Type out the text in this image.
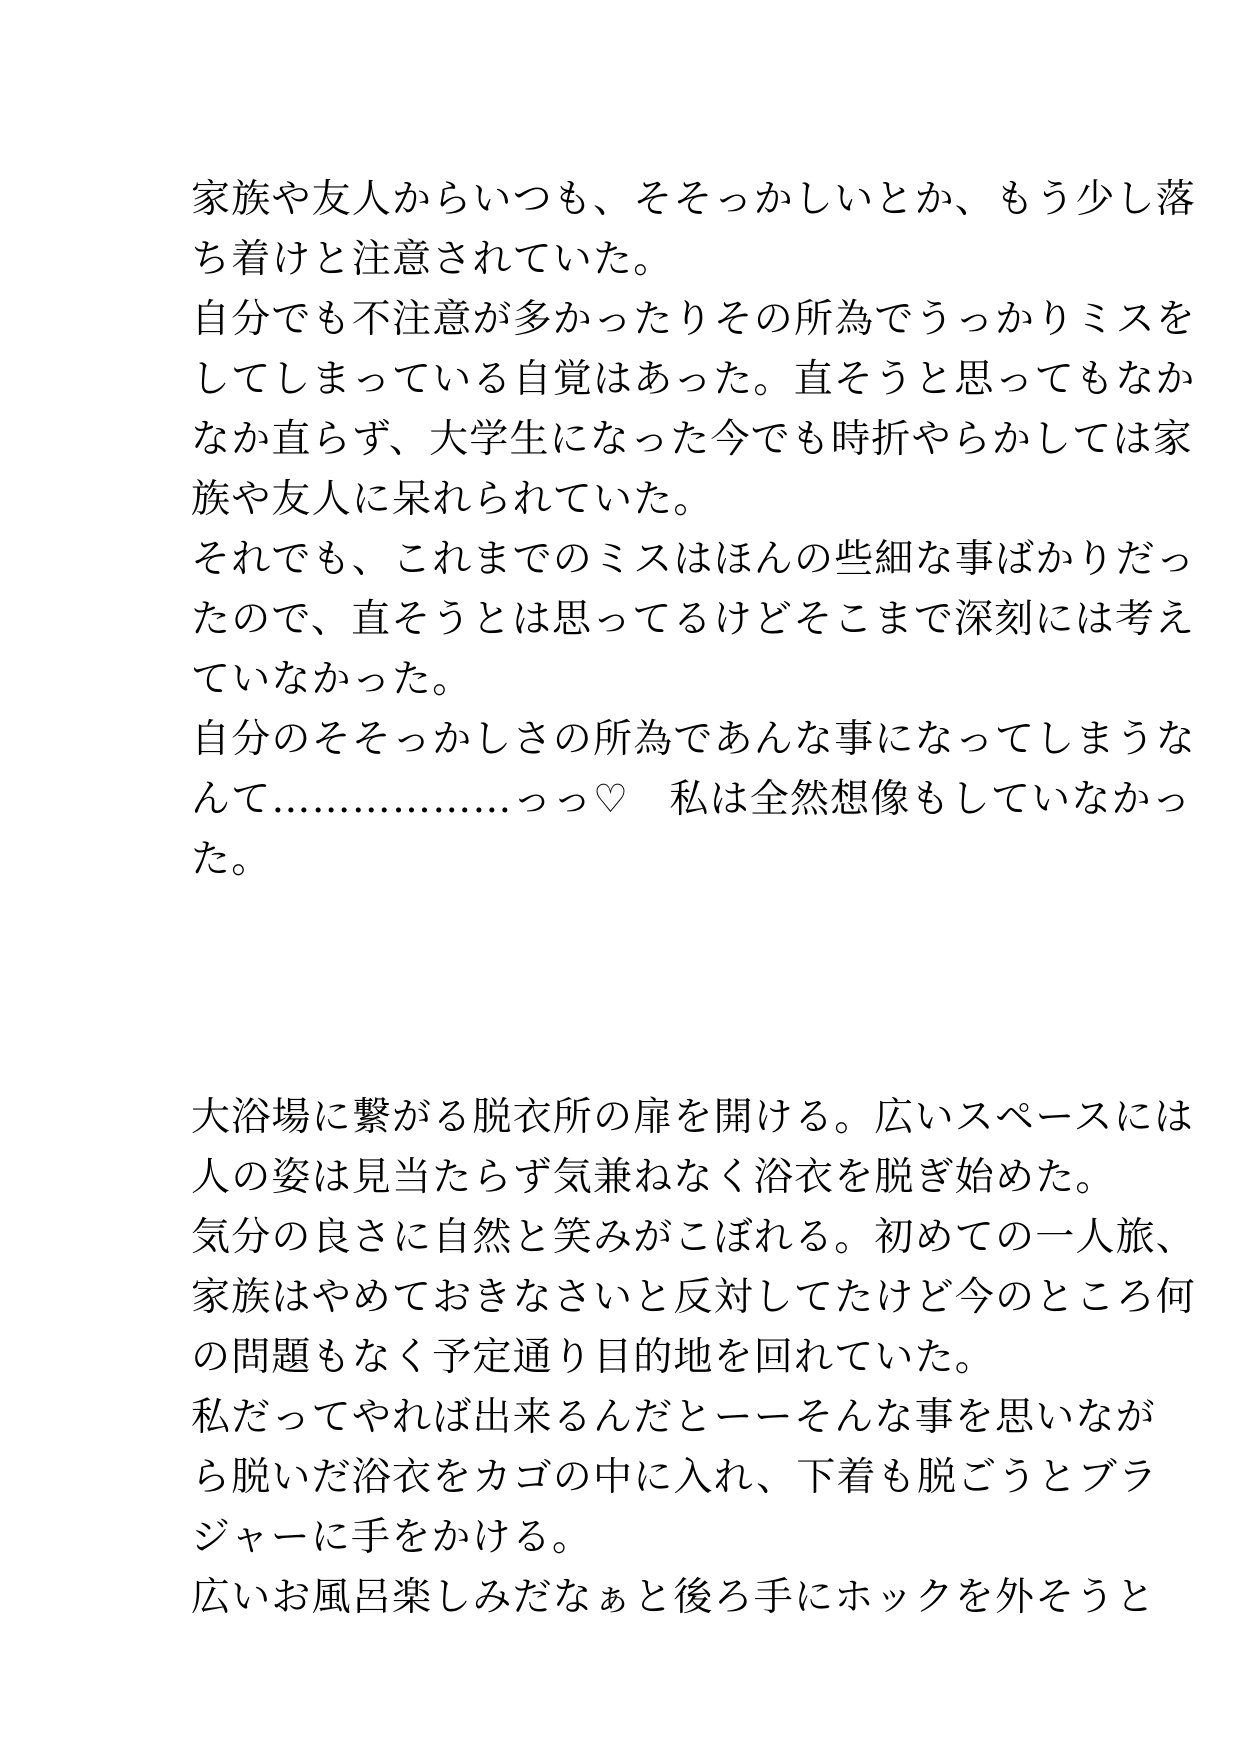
家族や友人からいつも、そそっかしいとか、もう少し落
ち着けと注意されていた。
自分でも不注意が多かったりその所為でうっかりミスを
してしまっている自覚はあった。直そうと思ってもなか
なか直らず、大学生になった今でも時折やらかしては家
族や友人に呆れられていた。
それでも、これまでのミスはほんの些細な事ばかりだっ
たので、直そうとは思ってるけどそこまで深刻には考え
ていなかった。
自分のそそっかしさの所為であんな事になってしまうな
んて………………っっ♡　私は全然想像もしていなかっ
た。
大浴場に繋がる脱衣所の扉を開ける。広いスペースには
人の姿は見当たらず気兼ねなく浴衣を脱ぎ始めた。
気分の良さに自然と笑みがこぼれる。初めての一人旅、
家族はやめておきなさいと反対してたけど今のところ何
の問題もなく予定通り目的地を回れていた。
私だってやれば出来るんだとーーそんな事を思いなが
ら脱いだ浴衣をカゴの中に入れ、下着も脱ごうとブラ
ジャーに手をかける。
広いお風呂楽しみだなぁと後ろ手にホックを外そうと
